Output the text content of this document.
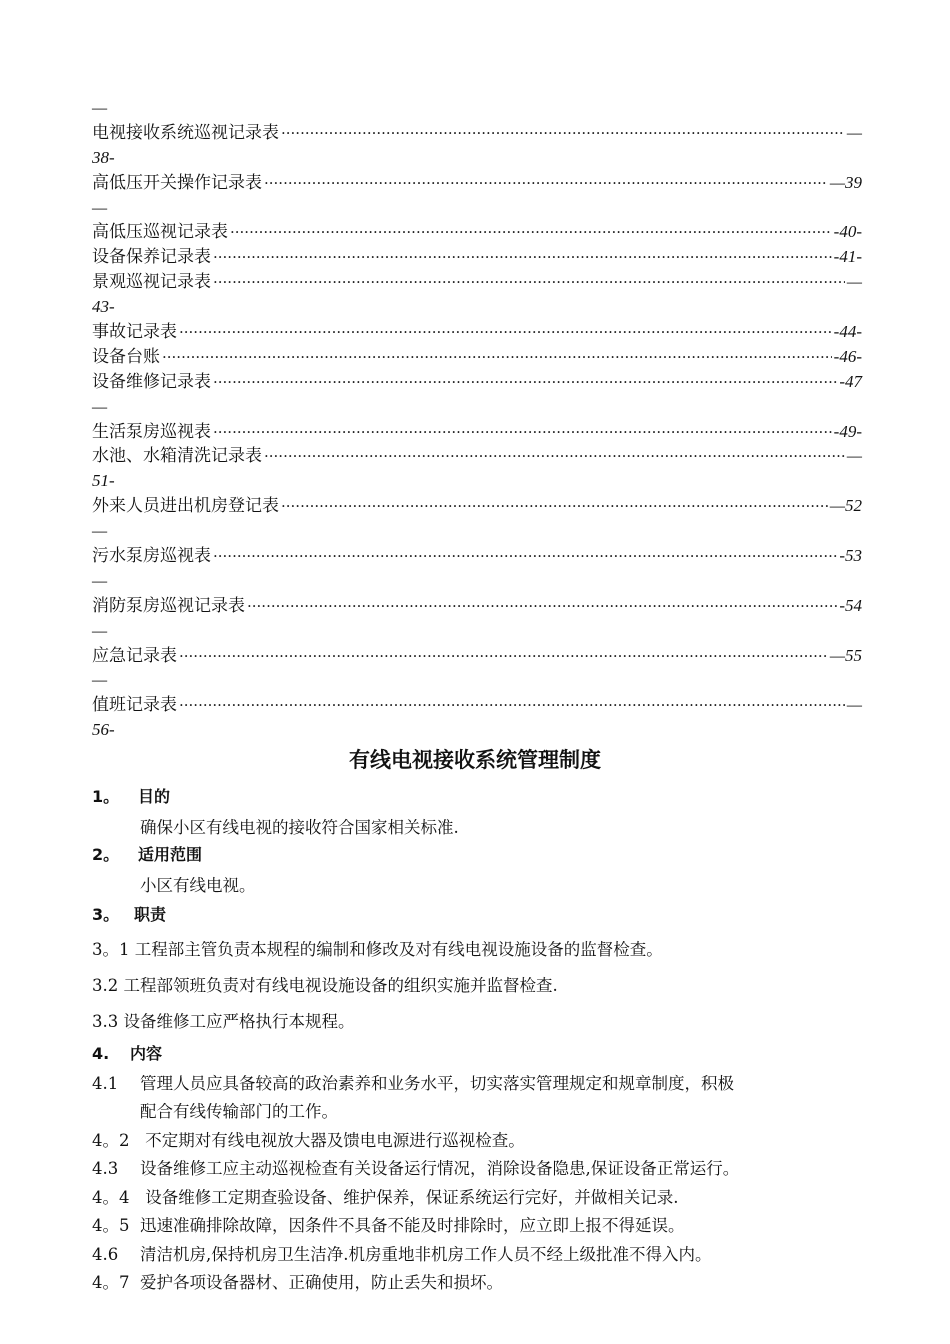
—
电视接收系统巡视记录表 ·····	—
38-
高低压开关操作记录表 ·····	—39
—
高低压巡视记录表 ·····	-40-
设备保养记录表 ·····	-41-
景观巡视记录表 ·····	—
43-
事故记录表 ·····	-44-
设备台账 ·····	-46-
设备维修记录表 ·····	-47
—
生活泵房巡视表 ·····	-49-
水池、水箱清洗记录表 ·····	—
51-
外来人员进出机房登记表 ·····	—52
—
污水泵房巡视表 ·····	-53
—
消防泵房巡视记录表 ·····	-54
—
应急记录表 ·····	—55
—
值班记录表 ·····	—
56-
有线电视接收系统管理制度
1。 目的
确保小区有线电视的接收符合国家相关标准.
2。 适用范围
小区有线电视。
3。 职责
3。1 工程部主管负责本规程的编制和修改及对有线电视设施设备的监督检查。
3.2 工程部领班负责对有线电视设施设备的组织实施并监督检查.
3.3 设备维修工应严格执行本规程。
4. 内容
4.1 管理人员应具备较高的政治素养和业务水平，切实落实管理规定和规章制度，积极
配合有线传输部门的工作。
4。2 不定期对有线电视放大器及馈电电源进行巡视检查。
4.3 设备维修工应主动巡视检查有关设备运行情况，消除设备隐患,保证设备正常运行。
4。4 设备维修工定期查验设备、维护保养，保证系统运行完好，并做相关记录.
4。5 迅速准确排除故障，因条件不具备不能及时排除时，应立即上报不得延误。
4.6 清洁机房,保持机房卫生洁净.机房重地非机房工作人员不经上级批准不得入内。
4。7 爱护各项设备器材、正确使用，防止丢失和损坏。
